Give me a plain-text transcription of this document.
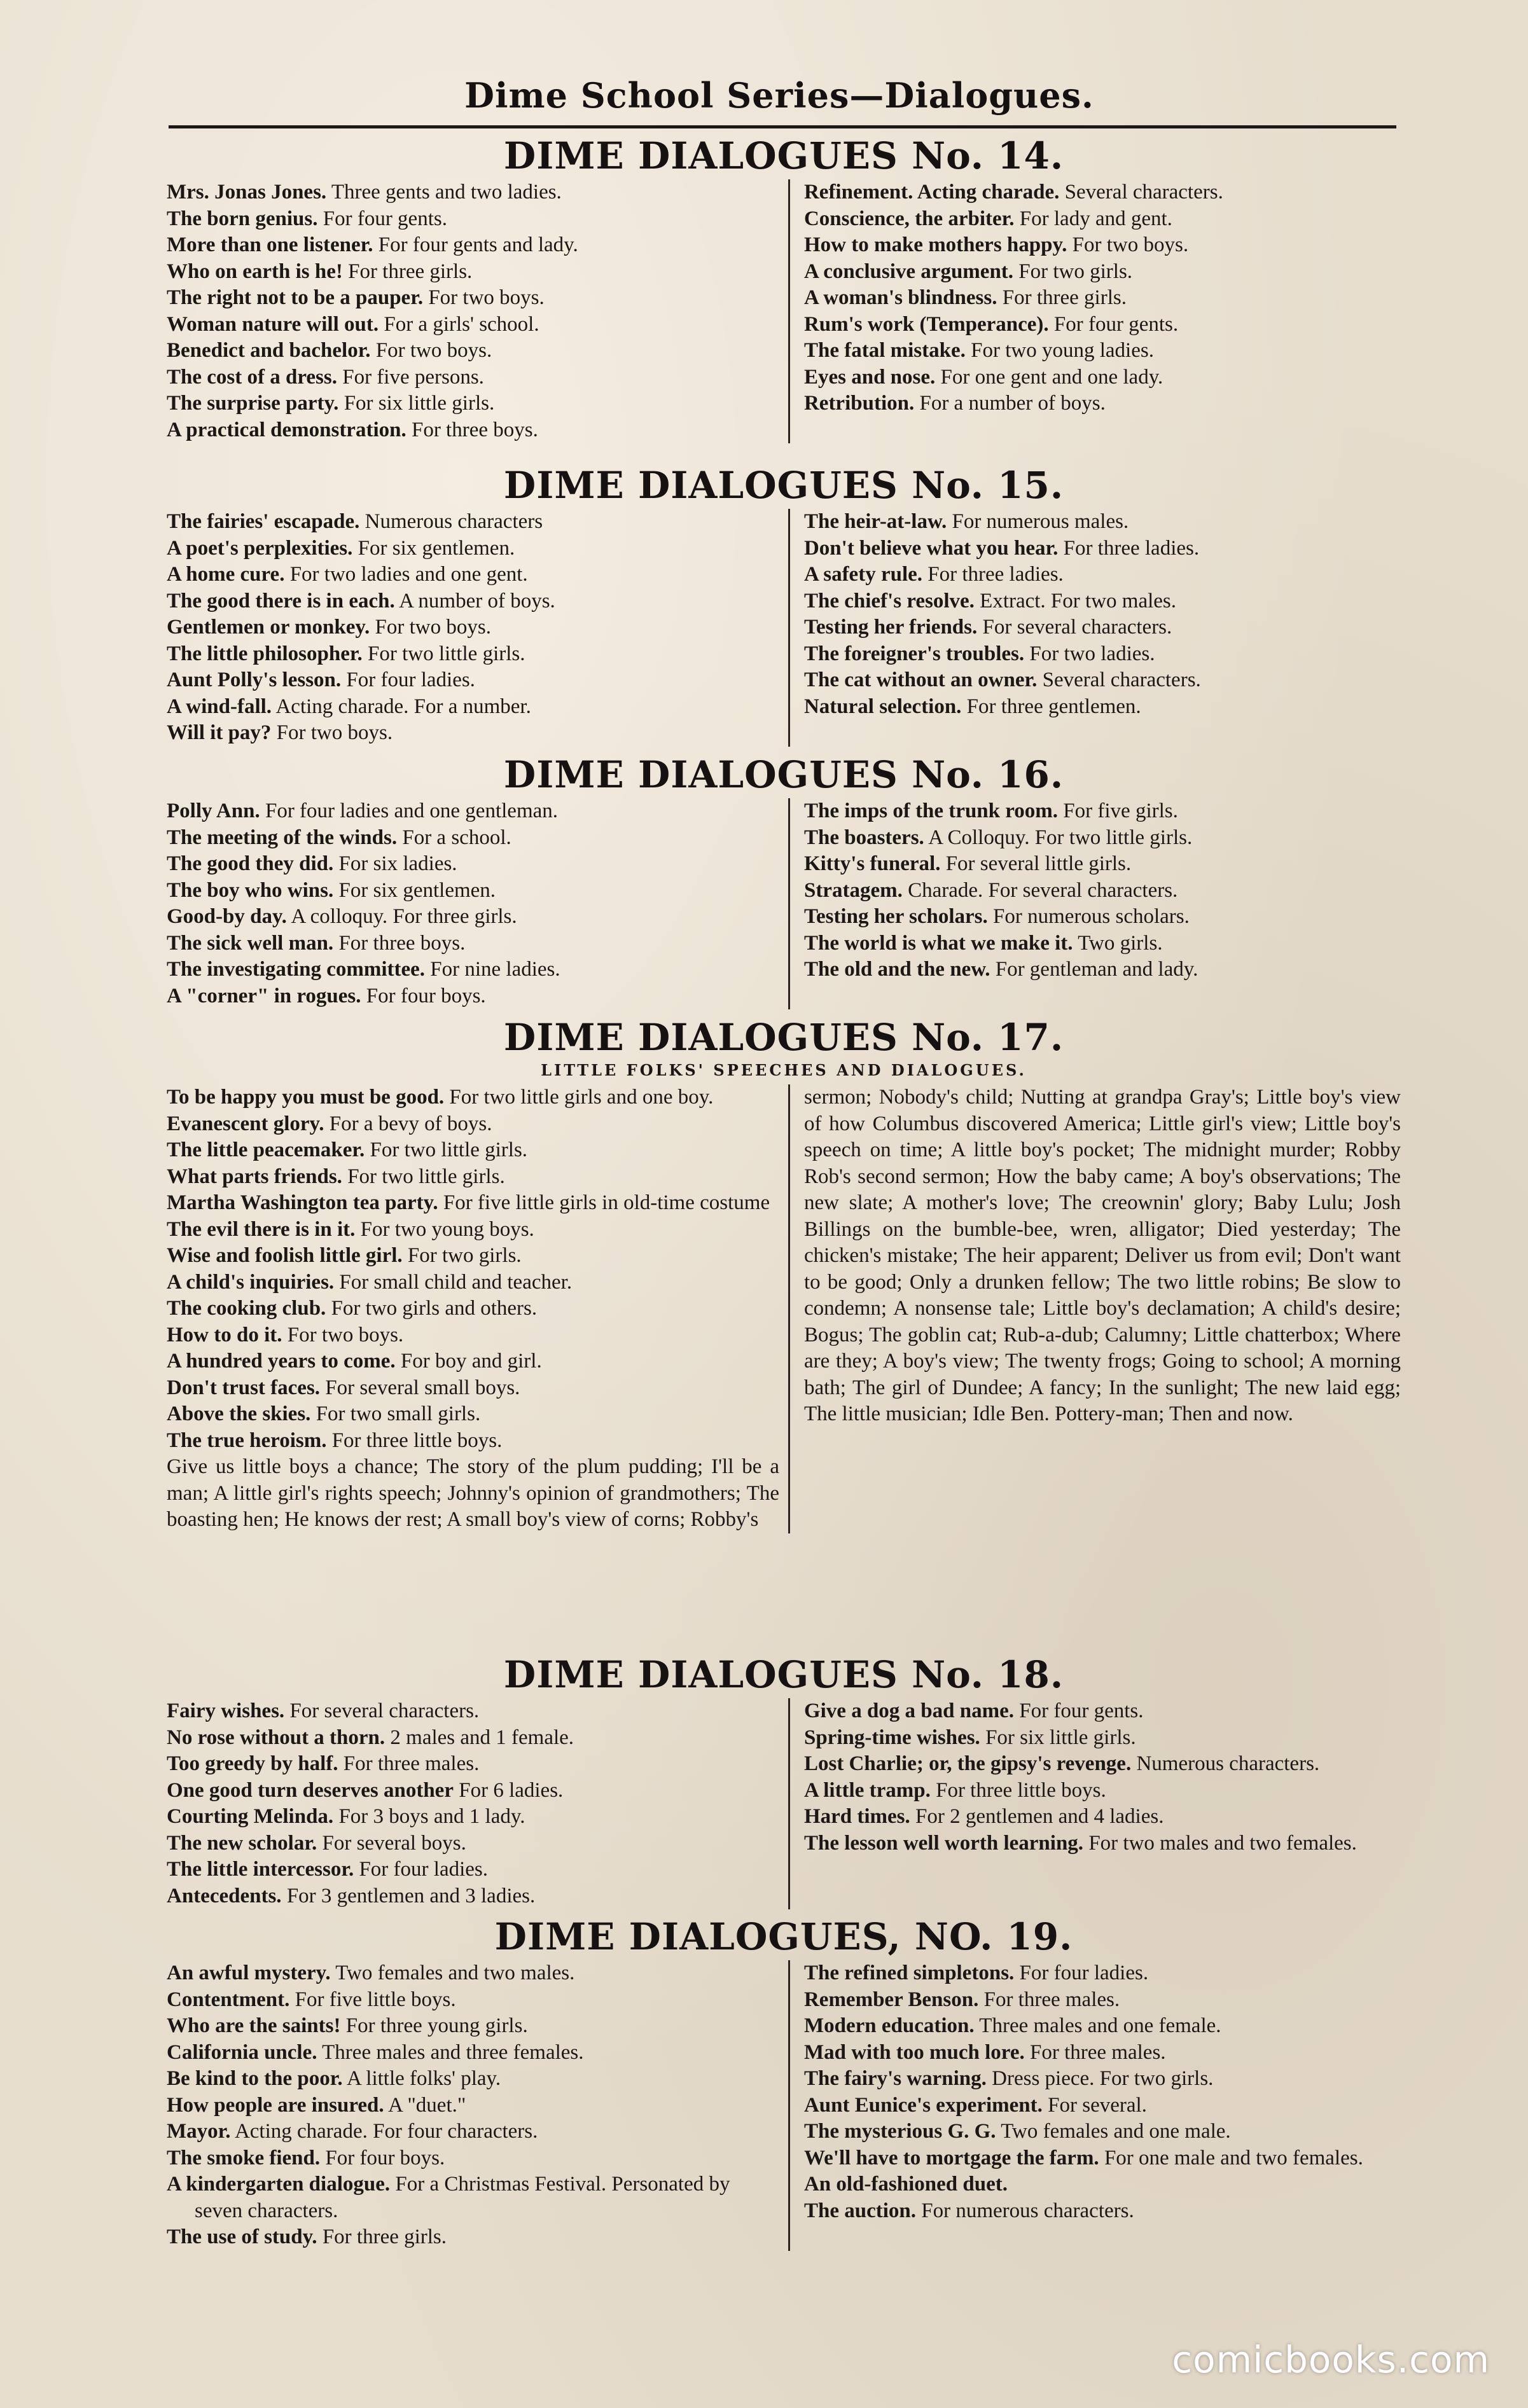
Dime School Series—Dialogues.
DIME DIALOGUES No. 14.
Mrs. Jonas Jones. Three gents and two ladies.
The born genius. For four gents.
More than one listener. For four gents and lady.
Who on earth is he! For three girls.
The right not to be a pauper. For two boys.
Woman nature will out. For a girls' school.
Benedict and bachelor. For two boys.
The cost of a dress. For five persons.
The surprise party. For six little girls.
A practical demonstration. For three boys.
Refinement. Acting charade. Several characters.
Conscience, the arbiter. For lady and gent.
How to make mothers happy. For two boys.
A conclusive argument. For two girls.
A woman's blindness. For three girls.
Rum's work (Temperance). For four gents.
The fatal mistake. For two young ladies.
Eyes and nose. For one gent and one lady.
Retribution. For a number of boys.
DIME DIALOGUES No. 15.
The fairies' escapade. Numerous characters
A poet's perplexities. For six gentlemen.
A home cure. For two ladies and one gent.
The good there is in each. A number of boys.
Gentlemen or monkey. For two boys.
The little philosopher. For two little girls.
Aunt Polly's lesson. For four ladies.
A wind-fall. Acting charade. For a number.
Will it pay? For two boys.
The heir-at-law. For numerous males.
Don't believe what you hear. For three ladies.
A safety rule. For three ladies.
The chief's resolve. Extract. For two males.
Testing her friends. For several characters.
The foreigner's troubles. For two ladies.
The cat without an owner. Several characters.
Natural selection. For three gentlemen.
DIME DIALOGUES No. 16.
Polly Ann. For four ladies and one gentleman.
The meeting of the winds. For a school.
The good they did. For six ladies.
The boy who wins. For six gentlemen.
Good-by day. A colloquy. For three girls.
The sick well man. For three boys.
The investigating committee. For nine ladies.
A "corner" in rogues. For four boys.
The imps of the trunk room. For five girls.
The boasters. A Colloquy. For two little girls.
Kitty's funeral. For several little girls.
Stratagem. Charade. For several characters.
Testing her scholars. For numerous scholars.
The world is what we make it. Two girls.
The old and the new. For gentleman and lady.
DIME DIALOGUES No. 17.
LITTLE FOLKS' SPEECHES AND DIALOGUES.
To be happy you must be good. For two little girls and one boy.
Evanescent glory. For a bevy of boys.
The little peacemaker. For two little girls.
What parts friends. For two little girls.
Martha Washington tea party. For five little girls in old-time costume
The evil there is in it. For two young boys.
Wise and foolish little girl. For two girls.
A child's inquiries. For small child and teacher.
The cooking club. For two girls and others.
How to do it. For two boys.
A hundred years to come. For boy and girl.
Don't trust faces. For several small boys.
Above the skies. For two small girls.
The true heroism. For three little boys.
Give us little boys a chance; The story of the plum pudding; I'll be a man; A little girl's rights speech; Johnny's opinion of grandmothers; The boasting hen; He knows der rest; A small boy's view of corns; Robby's
sermon; Nobody's child; Nutting at grandpa Gray's; Little boy's view of how Columbus discovered America; Little girl's view; Little boy's speech on time; A little boy's pocket; The midnight murder; Robby Rob's second sermon; How the baby came; A boy's observations; The new slate; A mother's love; The creownin' glory; Baby Lulu; Josh Billings on the bumble-bee, wren, alligator; Died yesterday; The chicken's mistake; The heir apparent; Deliver us from evil; Don't want to be good; Only a drunken fellow; The two little robins; Be slow to condemn; A nonsense tale; Little boy's declamation; A child's desire; Bogus; The goblin cat; Rub-a-dub; Calumny; Little chatterbox; Where are they; A boy's view; The twenty frogs; Going to school; A morning bath; The girl of Dundee; A fancy; In the sunlight; The new laid egg; The little musician; Idle Ben. Pottery-man; Then and now.
DIME DIALOGUES No. 18.
Fairy wishes. For several characters.
No rose without a thorn. 2 males and 1 female.
Too greedy by half. For three males.
One good turn deserves another For 6 ladies.
Courting Melinda. For 3 boys and 1 lady.
The new scholar. For several boys.
The little intercessor. For four ladies.
Antecedents. For 3 gentlemen and 3 ladies.
Give a dog a bad name. For four gents.
Spring-time wishes. For six little girls.
Lost Charlie; or, the gipsy's revenge. Numerous characters.
A little tramp. For three little boys.
Hard times. For 2 gentlemen and 4 ladies.
The lesson well worth learning. For two males and two females.
DIME DIALOGUES, NO. 19.
An awful mystery. Two females and two males.
Contentment. For five little boys.
Who are the saints! For three young girls.
California uncle. Three males and three females.
Be kind to the poor. A little folks' play.
How people are insured. A "duet."
Mayor. Acting charade. For four characters.
The smoke fiend. For four boys.
A kindergarten dialogue. For a Christmas Festival. Personated by seven characters.
The use of study. For three girls.
The refined simpletons. For four ladies.
Remember Benson. For three males.
Modern education. Three males and one female.
Mad with too much lore. For three males.
The fairy's warning. Dress piece. For two girls.
Aunt Eunice's experiment. For several.
The mysterious G. G. Two females and one male.
We'll have to mortgage the farm. For one male and two females.
An old-fashioned duet.
The auction. For numerous characters.
comicbooks.com
